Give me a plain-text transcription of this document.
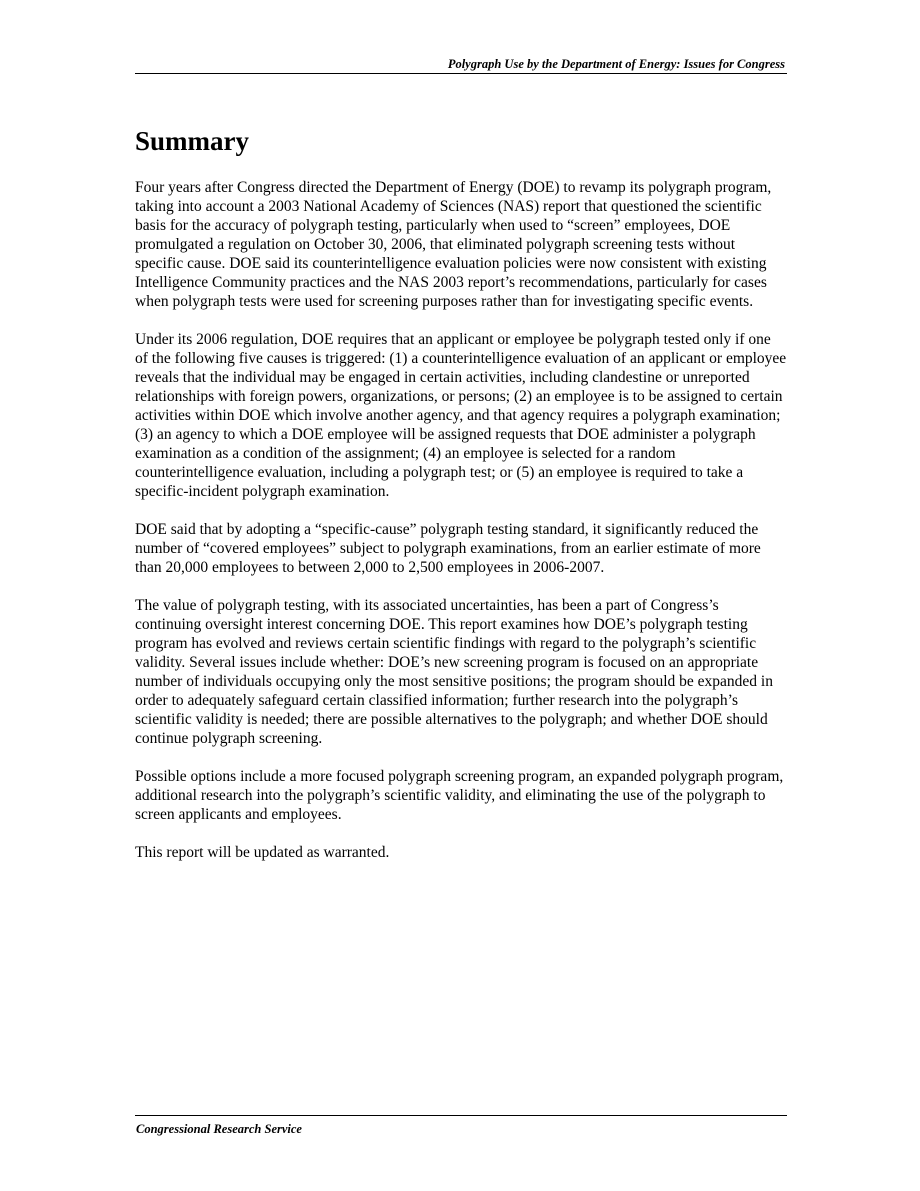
Polygraph Use by the Department of Energy: Issues for Congress
Summary

Four years after Congress directed the Department of Energy (DOE) to revamp its polygraph program, taking into account a 2003 National Academy of Sciences (NAS) report that questioned the scientific basis for the accuracy of polygraph testing, particularly when used to “screen” employees, DOE promulgated a regulation on October 30, 2006, that eliminated polygraph screening tests without specific cause. DOE said its counterintelligence evaluation policies were now consistent with existing Intelligence Community practices and the NAS 2003 report’s recommendations, particularly for cases when polygraph tests were used for screening purposes rather than for investigating specific events.

Under its 2006 regulation, DOE requires that an applicant or employee be polygraph tested only if one of the following five causes is triggered: (1) a counterintelligence evaluation of an applicant or employee reveals that the individual may be engaged in certain activities, including clandestine or unreported relationships with foreign powers, organizations, or persons; (2) an employee is to be assigned to certain activities within DOE which involve another agency, and that agency requires a polygraph examination; (3) an agency to which a DOE employee will be assigned requests that DOE administer a polygraph examination as a condition of the assignment; (4) an employee is selected for a random counterintelligence evaluation, including a polygraph test; or (5) an employee is required to take a specific-incident polygraph examination.

DOE said that by adopting a “specific-cause” polygraph testing standard, it significantly reduced the number of “covered employees” subject to polygraph examinations, from an earlier estimate of more than 20,000 employees to between 2,000 to 2,500 employees in 2006-2007.

The value of polygraph testing, with its associated uncertainties, has been a part of Congress’s continuing oversight interest concerning DOE. This report examines how DOE’s polygraph testing program has evolved and reviews certain scientific findings with regard to the polygraph’s scientific validity. Several issues include whether: DOE’s new screening program is focused on an appropriate number of individuals occupying only the most sensitive positions; the program should be expanded in order to adequately safeguard certain classified information; further research into the polygraph’s scientific validity is needed; there are possible alternatives to the polygraph; and whether DOE should continue polygraph screening.

Possible options include a more focused polygraph screening program, an expanded polygraph program, additional research into the polygraph’s scientific validity, and eliminating the use of the polygraph to screen applicants and employees.

This report will be updated as warranted.

Congressional Research Service
